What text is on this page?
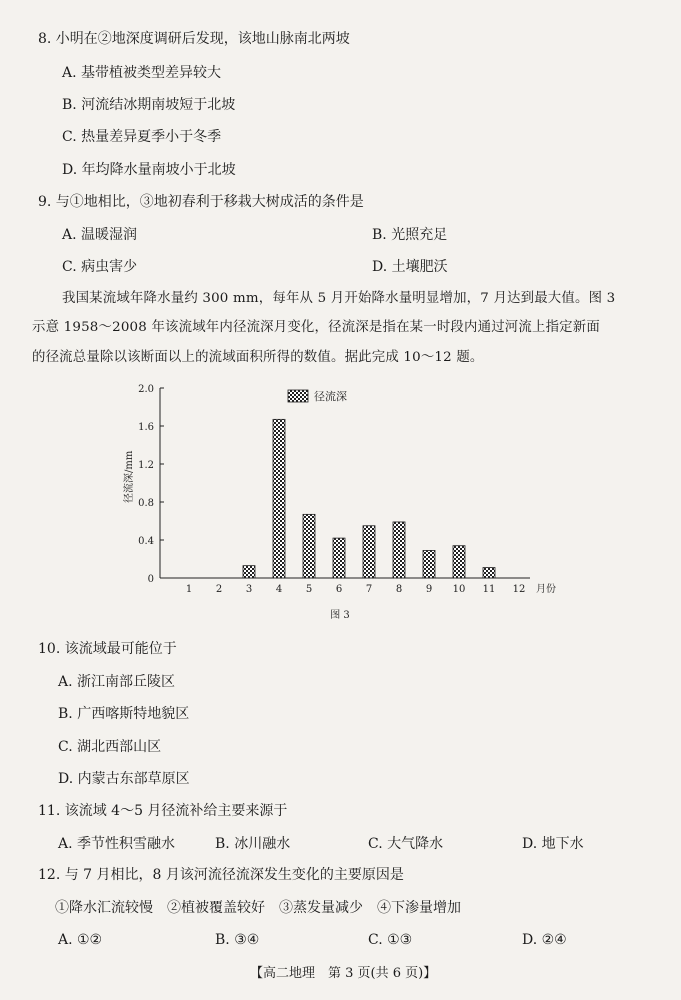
8. 小明在②地深度调研后发现，该地山脉南北两坡
A. 基带植被类型差异较大
B. 河流结冰期南坡短于北坡
C. 热量差异夏季小于冬季
D. 年均降水量南坡小于北坡
9. 与①地相比，③地初春利于移栽大树成活的条件是
A. 温暖湿润	B. 光照充足
C. 病虫害少	D. 土壤肥沃
我国某流域年降水量约 300 mm，每年从 5 月开始降水量明显增加，7 月达到最大值。图 3
示意 1958～2008 年该流域年内径流深月变化，径流深是指在某一时段内通过河流上指定新面
的径流总量除以该断面以上的流域面积所得的数值。据此完成 10～12 题。
0
0.4
0.8
1.2
1.6
2.0
径流深/mm
1 2 3 4 5 6 7 8 9 10 11 12 月份
径流深
图 3
10. 该流域最可能位于
A. 浙江南部丘陵区
B. 广西喀斯特地貌区
C. 湖北西部山区
D. 内蒙古东部草原区
11. 该流域 4～5 月径流补给主要来源于
A. 季节性积雪融水	B. 冰川融水	C. 大气降水	D. 地下水
12. 与 7 月相比，8 月该河流径流深发生变化的主要原因是
①降水汇流较慢　②植被覆盖较好　③蒸发量减少　④下渗量增加
A. ①②	B. ③④	C. ①③	D. ②④
【高二地理　第 3 页(共 6 页)】
